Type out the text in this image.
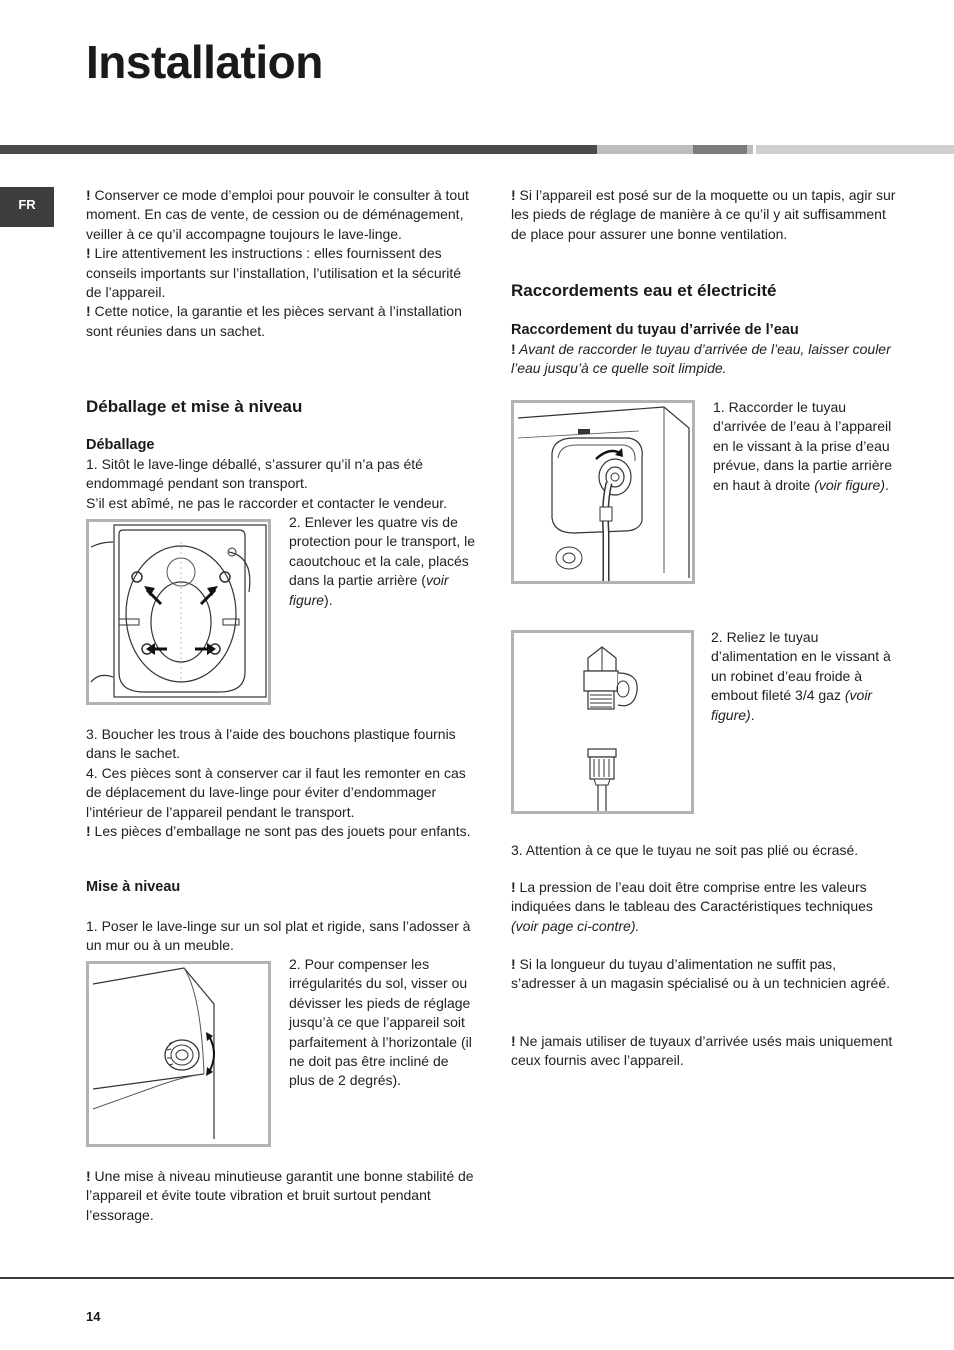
Installation
FR

! Conserver ce mode d’emploi pour pouvoir le consulter à tout moment. En cas de vente, de cession ou de déménagement, veiller à ce qu’il accompagne toujours le lave-linge.

! Lire attentivement les instructions : elles fournissent des conseils importants sur l’installation, l’utilisation et la sécurité de l’appareil.

! Cette notice, la garantie et les pièces servant à l’installation sont réunies dans un sachet.

Déballage et mise à niveau
Déballage

1. Sitôt le lave-linge déballé, s’assurer qu’il n’a pas été endommagé pendant son transport.

S’il est abîmé, ne pas le raccorder et contacter le vendeur.

2. Enlever les quatre vis de protection pour le transport, le caoutchouc et la cale, placés dans la partie arrière (voir figure).

3. Boucher les trous à l’aide des bouchons plastique fournis dans le sachet.

4. Ces pièces sont à conserver car il faut les remonter en cas de déplacement du lave-linge pour éviter d’endommager l’intérieur de l’appareil pendant le transport.

! Les pièces d’emballage ne sont pas des jouets pour enfants.

Mise à niveau
1. Poser le lave-linge sur un sol plat et rigide, sans l’adosser à un mur ou à un meuble.
2. Pour compenser les irrégularités du sol, visser ou dévisser les pieds de réglage jusqu’à ce que l’appareil soit parfaitement à l’horizontale (il ne doit pas être incliné de plus de 2 degrés).
! Une mise à niveau minutieuse garantit une bonne stabilité de l’appareil et évite toute vibration et bruit surtout pendant l’essorage.
! Si l’appareil est posé sur de la moquette ou un tapis, agir sur les pieds de réglage de manière à ce qu’il y ait suffisamment de place pour assurer une bonne ventilation.
Raccordements eau et électricité
Raccordement du tuyau d’arrivée de l’eau
! Avant de raccorder le tuyau d’arrivée de l’eau, laisser couler l’eau jusqu’à ce quelle soit limpide.
1. Raccorder le tuyau d’arrivée de l’eau à l’appareil en le vissant à la prise d’eau prévue, dans la partie arrière en haut à droite (voir figure).
2. Reliez le tuyau d’alimentation en le vissant à un robinet d’eau froide à embout fileté 3/4 gaz (voir figure).
3. Attention à ce que le tuyau ne soit pas plié ou écrasé.
! La pression de l’eau doit être comprise entre les valeurs indiquées dans le tableau des Caractéristiques techniques (voir page ci-contre).
! Si la longueur du tuyau d’alimentation ne suffit pas, s’adresser à un magasin spécialisé ou à un technicien agréé.
! Ne jamais utiliser de tuyaux d’arrivée usés mais uniquement ceux fournis avec l’appareil.
14
